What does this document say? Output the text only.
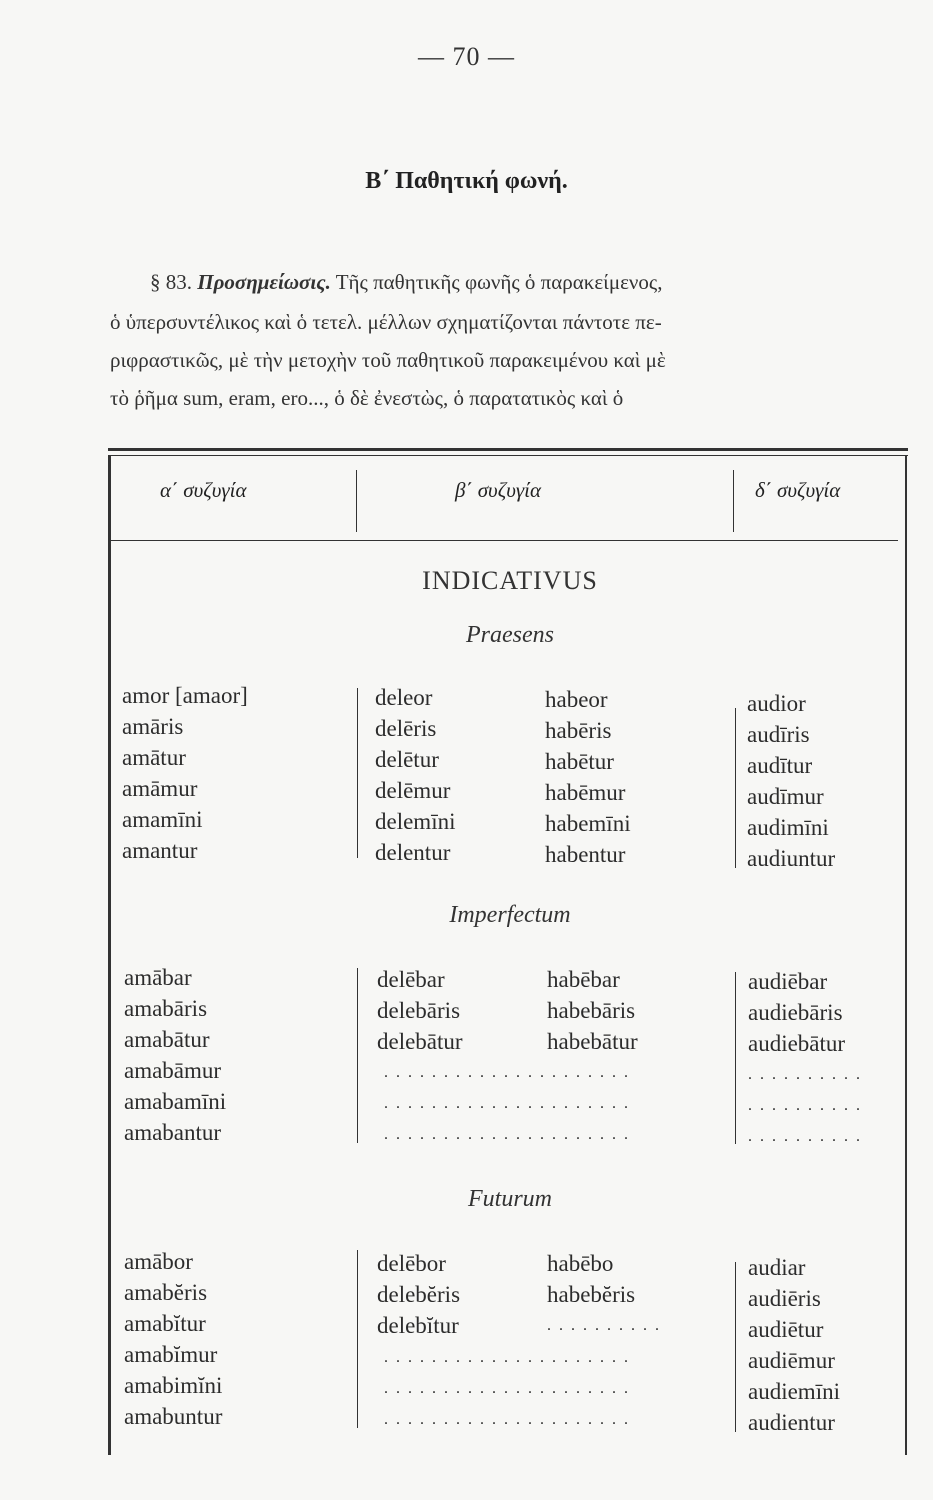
— 70 —
Β΄ Παθητική φωνή.
§ 83. Προσημείωσις. Τῆς παθητικῆς φωνῆς ὁ παρακείμενος,
ὁ ὑπερσυντέλικος καὶ ὁ τετελ. μέλλων σχηματίζονται πάντοτε πε-
ριφραστικῶς, μὲ τὴν μετοχὴν τοῦ παθητικοῦ παρακειμένου καὶ μὲ
τὸ ῥῆμα sum, eram, ero..., ὁ δὲ ἐνεστὼς, ὁ παρατατικὸς καὶ ὁ
α΄ συζυγία	β΄ συζυγία	δ΄ συζυγία
INDICATIVUS
Praesens
amor [amaor]
amāris
amātur
amāmur
amamīni
amantur
deleor
delēris
delētur
delēmur
delemīni
delentur
habeor
habēris
habētur
habēmur
habemīni
habentur
audior
audīris
audītur
audīmur
audimīni
audiuntur
Imperfectum
amābar
amabāris
amabātur
amabāmur
amabamīni
amabantur
delēbar
delebāris
delebātur
habēbar
habebāris
habebātur
. . . . . . . . . . . . . . . . . . . . .
. . . . . . . . . . . . . . . . . . . . .
. . . . . . . . . . . . . . . . . . . . .
audiēbar
audiebāris
audiebātur
. . . . . . . . . .
. . . . . . . . . .
. . . . . . . . . .
Futurum
amābor
amabĕris
amabĭtur
amabĭmur
amabimĭni
amabuntur
delēbor
delebĕris
delebĭtur
habēbo
habebĕris
. . . . . . . . . .
. . . . . . . . . . . . . . . . . . . . .
. . . . . . . . . . . . . . . . . . . . .
. . . . . . . . . . . . . . . . . . . . .
audiar
audiēris
audiētur
audiēmur
audiemīni
audientur
